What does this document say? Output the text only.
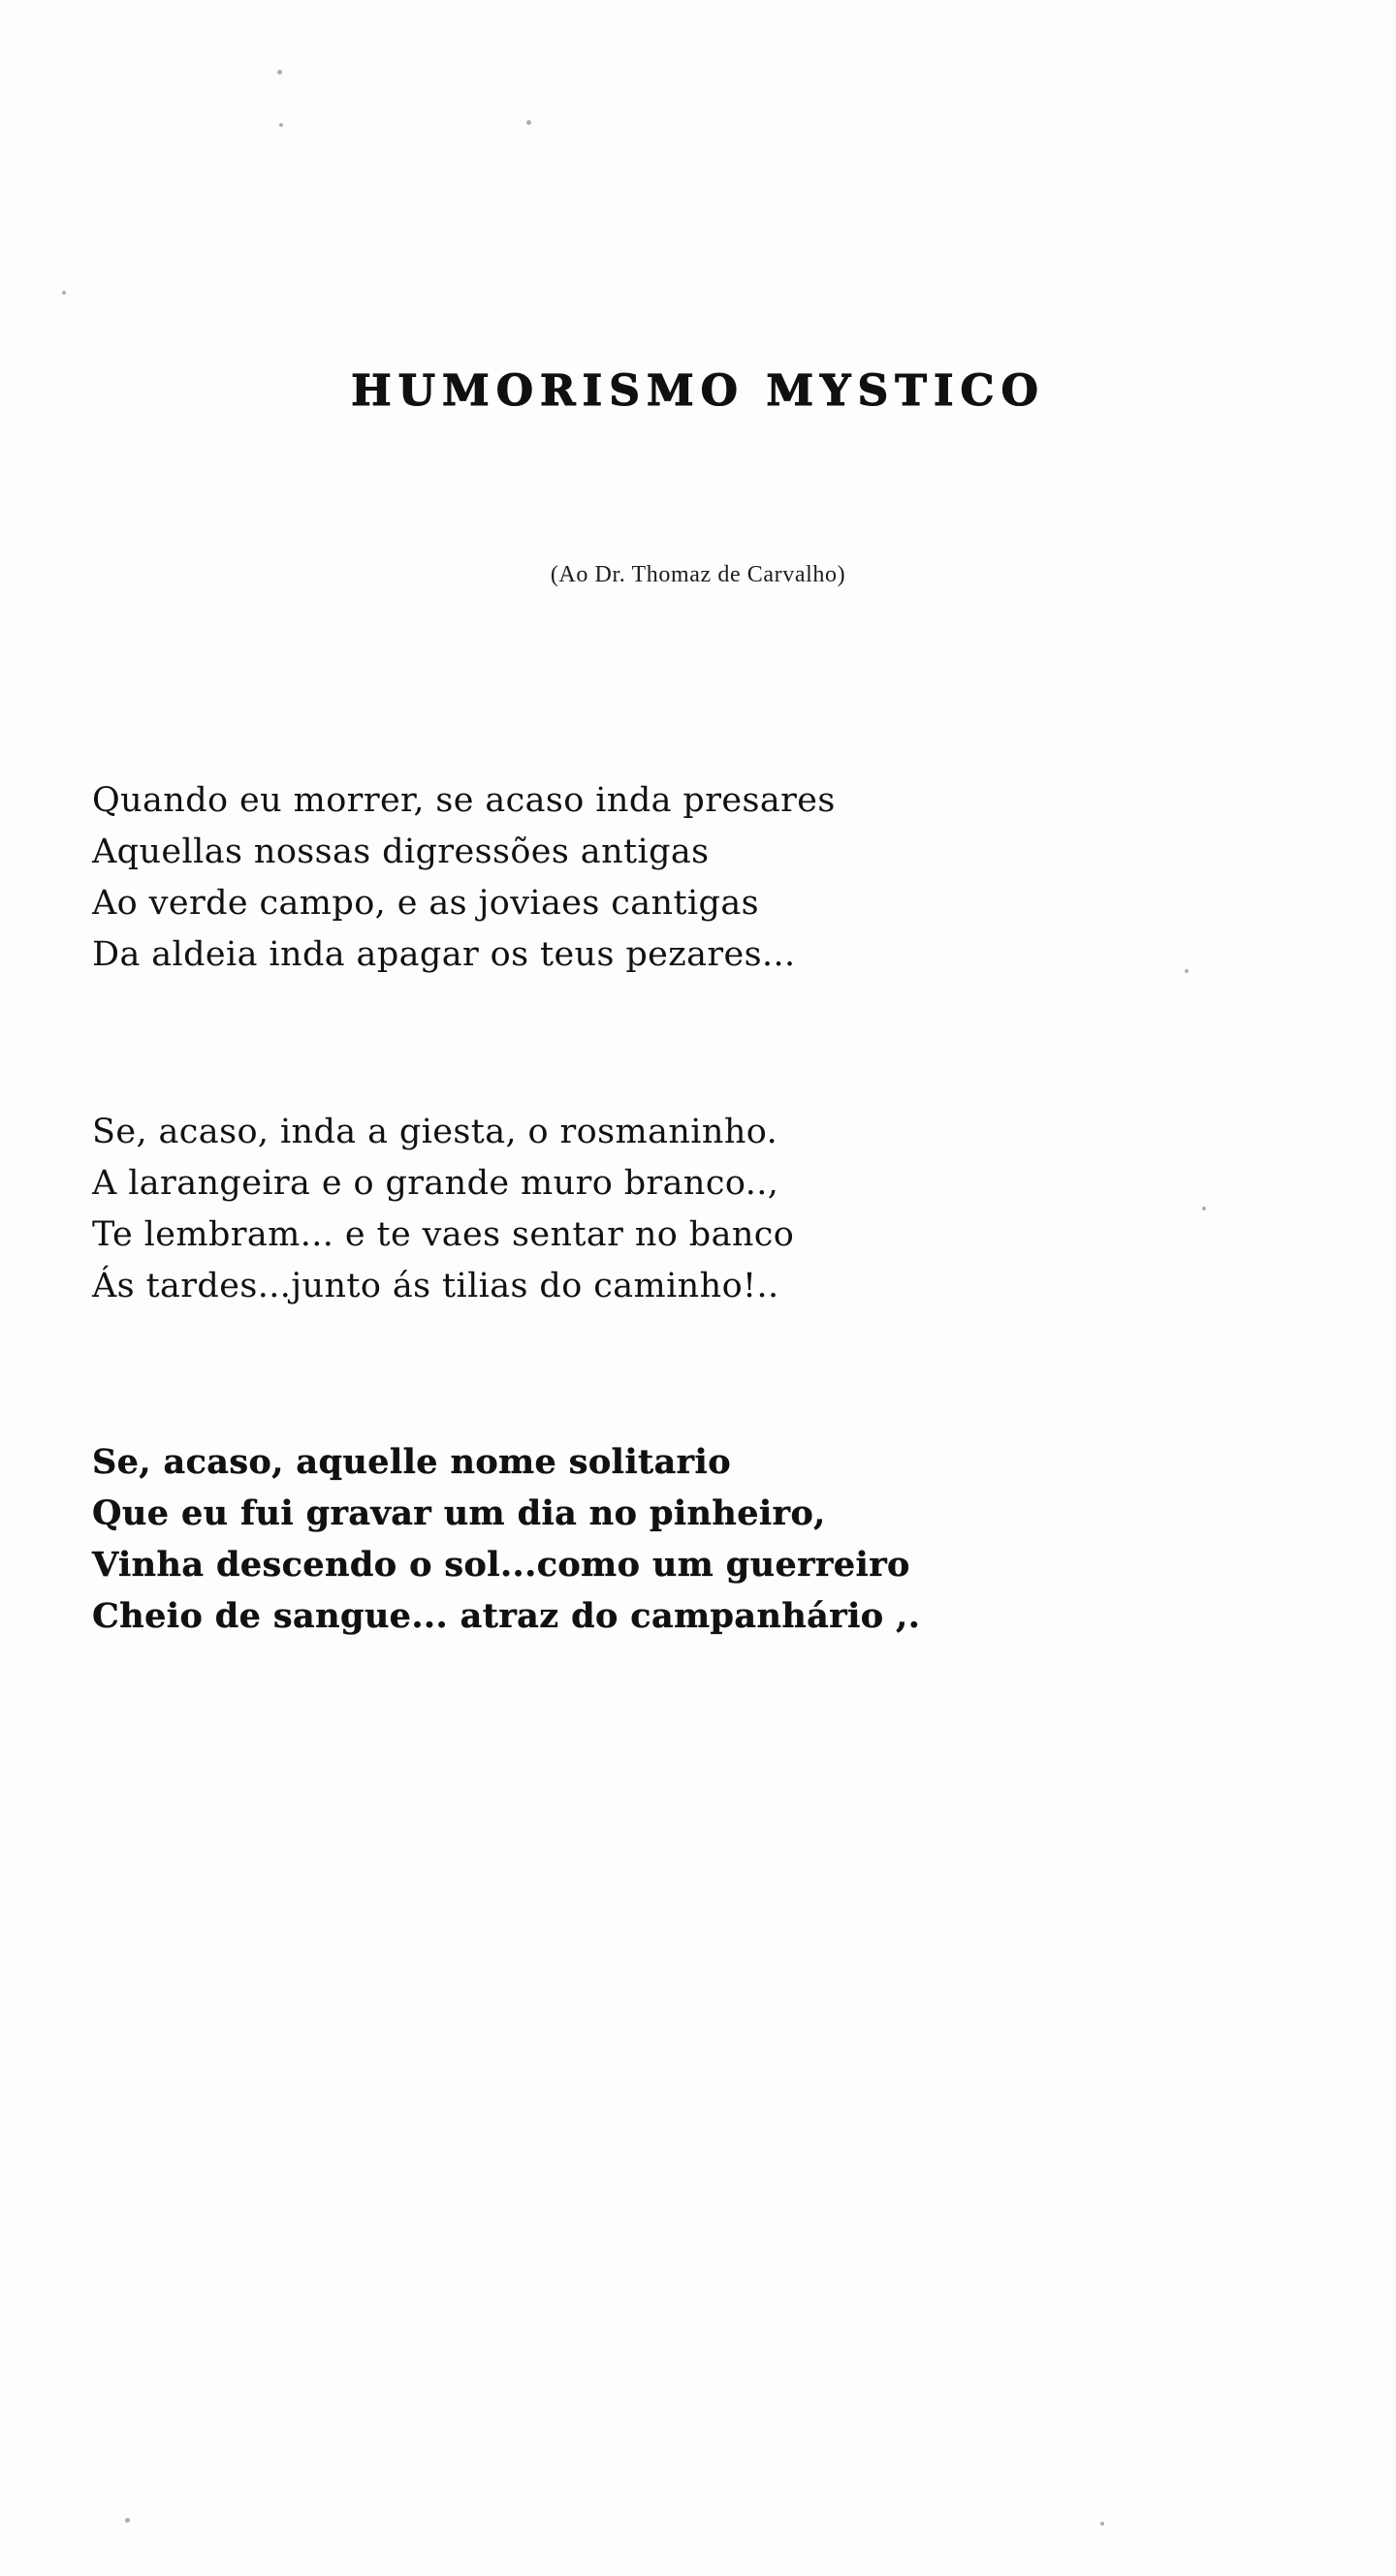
HUMORISMO MYSTICO
(Ao Dr. Thomaz de Carvalho)
Quando eu morrer, se acaso inda presares
Aquellas nossas digressões antigas
Ao verde campo, e as joviaes cantigas
Da aldeia inda apagar os teus pezares...
Se, acaso, inda a giesta, o rosmaninho.
A larangeira e o grande muro branco..,
Te lembram... e te vaes sentar no banco
Ás tardes...junto ás tilias do caminho!..
Se, acaso, aquelle nome solitario
Que eu fui gravar um dia no pinheiro,
Vinha descendo o sol...como um guerreiro
Cheio de sangue... atraz do campanhário ,.
